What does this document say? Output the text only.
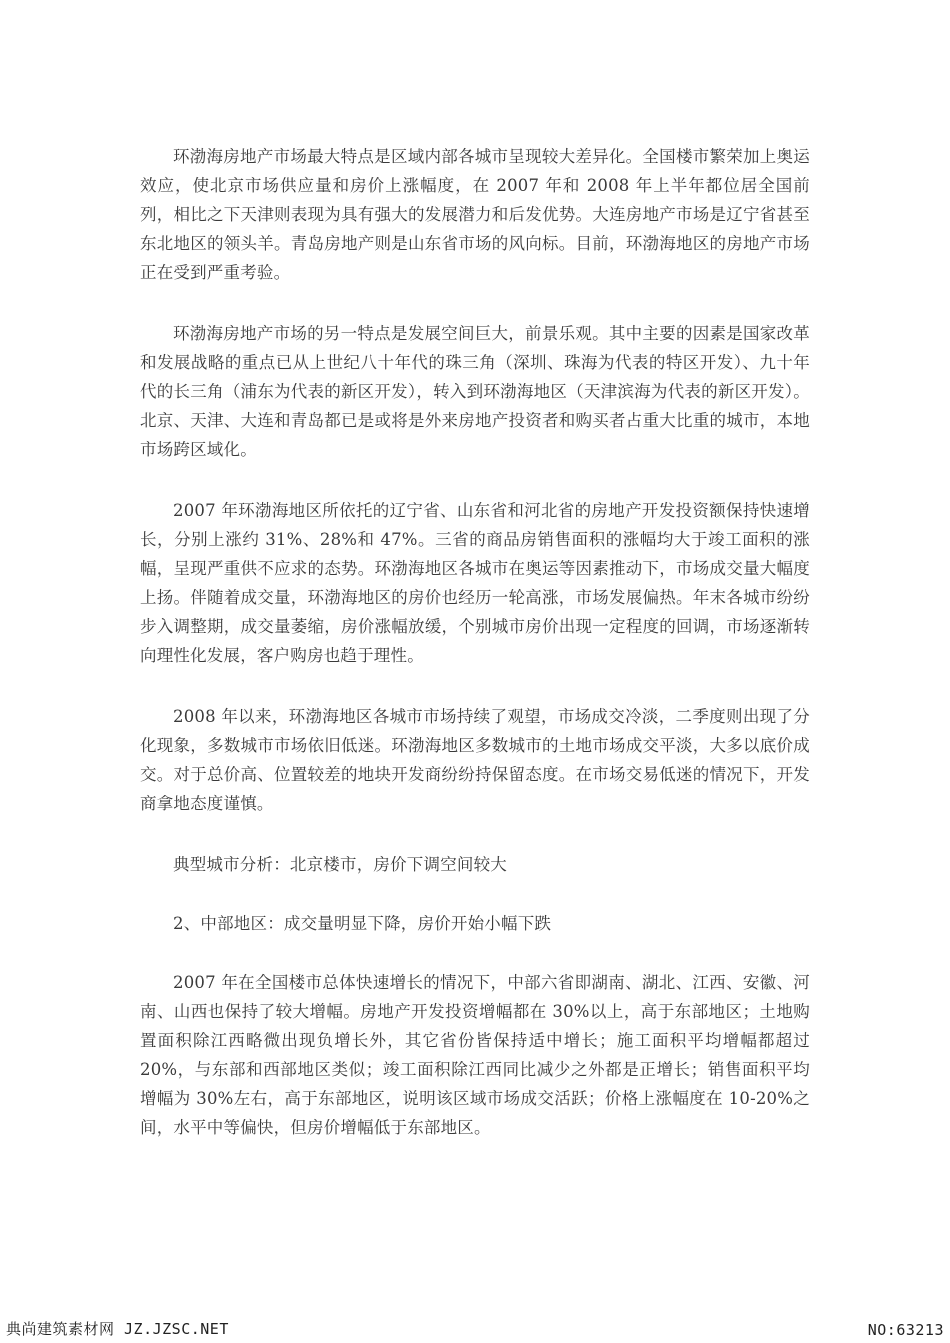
环渤海房地产市场最大特点是区域内部各城市呈现较大差异化。全国楼市繁荣加上奥运效应，使北京市场供应量和房价上涨幅度，在 2007 年和 2008 年上半年都位居全国前列，相比之下天津则表现为具有强大的发展潜力和后发优势。大连房地产市场是辽宁省甚至东北地区的领头羊。青岛房地产则是山东省市场的风向标。目前，环渤海地区的房地产市场正在受到严重考验。

环渤海房地产市场的另一特点是发展空间巨大，前景乐观。其中主要的因素是国家改革和发展战略的重点已从上世纪八十年代的珠三角（深圳、珠海为代表的特区开发）、九十年代的长三角（浦东为代表的新区开发），转入到环渤海地区（天津滨海为代表的新区开发）。北京、天津、大连和青岛都已是或将是外来房地产投资者和购买者占重大比重的城市，本地市场跨区域化。

2007 年环渤海地区所依托的辽宁省、山东省和河北省的房地产开发投资额保持快速增长，分别上涨约 31%、28%和 47%。三省的商品房销售面积的涨幅均大于竣工面积的涨幅，呈现严重供不应求的态势。环渤海地区各城市在奥运等因素推动下，市场成交量大幅度上扬。伴随着成交量，环渤海地区的房价也经历一轮高涨，市场发展偏热。年末各城市纷纷步入调整期，成交量萎缩，房价涨幅放缓，个别城市房价出现一定程度的回调，市场逐渐转向理性化发展，客户购房也趋于理性。

2008 年以来，环渤海地区各城市市场持续了观望，市场成交冷淡，二季度则出现了分化现象，多数城市市场依旧低迷。环渤海地区多数城市的土地市场成交平淡，大多以底价成交。对于总价高、位置较差的地块开发商纷纷持保留态度。在市场交易低迷的情况下，开发商拿地态度谨慎。

典型城市分析：北京楼市，房价下调空间较大

2、中部地区：成交量明显下降，房价开始小幅下跌

2007 年在全国楼市总体快速增长的情况下，中部六省即湖南、湖北、江西、安徽、河南、山西也保持了较大增幅。房地产开发投资增幅都在 30%以上，高于东部地区；土地购置面积除江西略微出现负增长外，其它省份皆保持适中增长；施工面积平均增幅都超过 20%，与东部和西部地区类似；竣工面积除江西同比减少之外都是正增长；销售面积平均增幅为 30%左右，高于东部地区，说明该区域市场成交活跃；价格上涨幅度在 10-20%之间，水平中等偏快，但房价增幅低于东部地区。

典尚建筑素材网 JZ.JZSC.NET	NO:63213
